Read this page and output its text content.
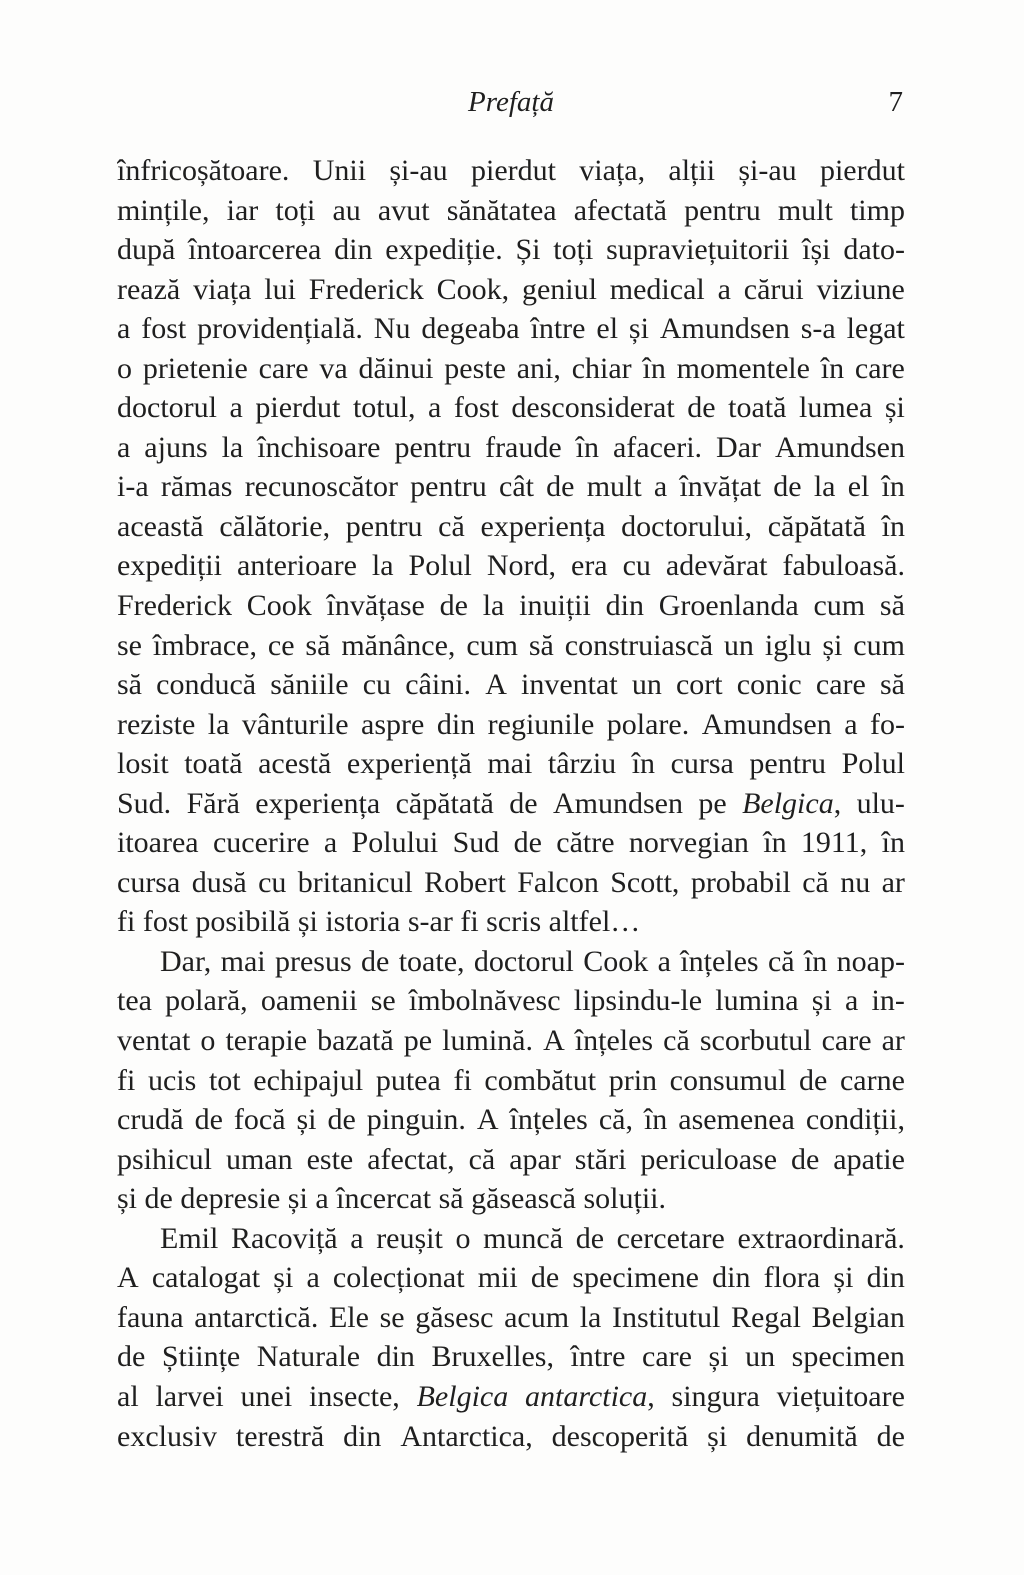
Prefață	7
înfricoșătoare. Unii și-au pierdut viața, alții și-au pierdut
mințile, iar toți au avut sănătatea afectată pentru mult timp
după întoarcerea din expediție. Și toți supraviețuitorii își dato-
rează viața lui Frederick Cook, geniul medical a cărui viziune
a fost providențială. Nu degeaba între el și Amundsen s-a legat
o prietenie care va dăinui peste ani, chiar în momentele în care
doctorul a pierdut totul, a fost desconsiderat de toată lumea și
a ajuns la închisoare pentru fraude în afaceri. Dar Amundsen
i-a rămas recunoscător pentru cât de mult a învățat de la el în
această călătorie, pentru că experiența doctorului, căpătată în
expediții anterioare la Polul Nord, era cu adevărat fabuloasă.
Frederick Cook învățase de la inuiții din Groenlanda cum să
se îmbrace, ce să mănânce, cum să construiască un iglu și cum
să conducă săniile cu câini. A inventat un cort conic care să
reziste la vânturile aspre din regiunile polare. Amundsen a fo-
losit toată acestă experiență mai târziu în cursa pentru Polul
Sud. Fără experiența căpătată de Amundsen pe Belgica, ulu-
itoarea cucerire a Polului Sud de către norvegian în 1911, în
cursa dusă cu britanicul Robert Falcon Scott, probabil că nu ar
fi fost posibilă și istoria s-ar fi scris altfel…
Dar, mai presus de toate, doctorul Cook a înțeles că în noap-
tea polară, oamenii se îmbolnăvesc lipsindu-le lumina și a in-
ventat o terapie bazată pe lumină. A înțeles că scorbutul care ar
fi ucis tot echipajul putea fi combătut prin consumul de carne
crudă de focă și de pinguin. A înțeles că, în asemenea condiții,
psihicul uman este afectat, că apar stări periculoase de apatie
și de depresie și a încercat să găsească soluții.
Emil Racoviță a reușit o muncă de cercetare extraordinară.
A catalogat și a colecționat mii de specimene din flora și din
fauna antarctică. Ele se găsesc acum la Institutul Regal Belgian
de Științe Naturale din Bruxelles, între care și un specimen
al larvei unei insecte, Belgica antarctica, singura viețuitoare
exclusiv terestră din Antarctica, descoperită și denumită de
